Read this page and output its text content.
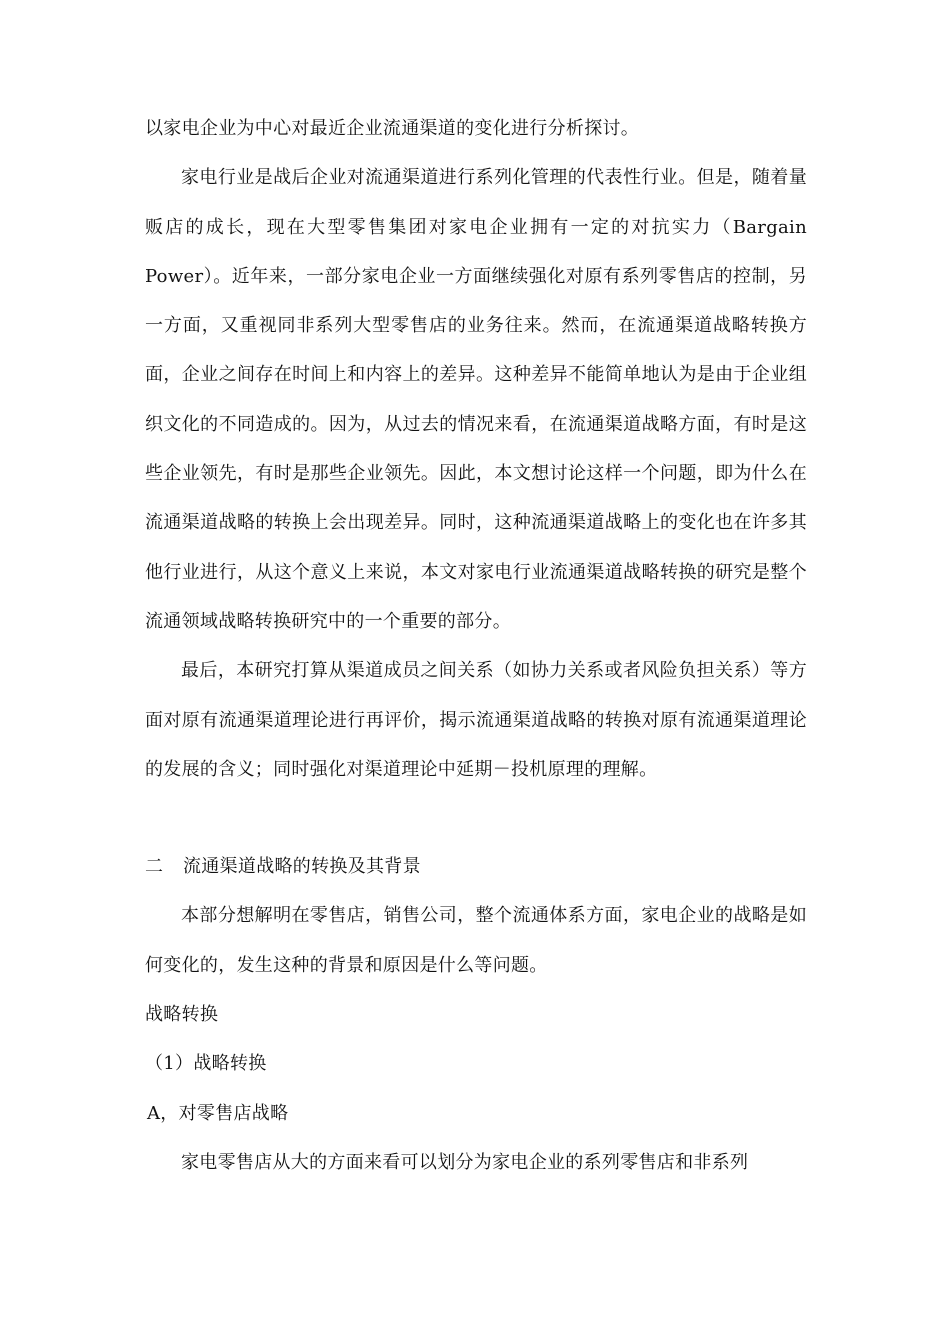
以家电企业为中心对最近企业流通渠道的变化进行分析探讨。

家电行业是战后企业对流通渠道进行系列化管理的代表性行业。但是，随着量贩店的成长，现在大型零售集团对家电企业拥有一定的对抗实力（Bargain Power）。近年来，一部分家电企业一方面继续强化对原有系列零售店的控制，另一方面，又重视同非系列大型零售店的业务往来。然而，在流通渠道战略转换方面，企业之间存在时间上和内容上的差异。这种差异不能简单地认为是由于企业组织文化的不同造成的。因为，从过去的情况来看，在流通渠道战略方面，有时是这些企业领先，有时是那些企业领先。因此，本文想讨论这样一个问题，即为什么在流通渠道战略的转换上会出现差异。同时，这种流通渠道战略上的变化也在许多其他行业进行，从这个意义上来说，本文对家电行业流通渠道战略转换的研究是整个流通领域战略转换研究中的一个重要的部分。

最后，本研究打算从渠道成员之间关系（如协力关系或者风险负担关系）等方面对原有流通渠道理论进行再评价，揭示流通渠道战略的转换对原有流通渠道理论的发展的含义；同时强化对渠道理论中延期－投机原理的理解。

二 流通渠道战略的转换及其背景

本部分想解明在零售店，销售公司，整个流通体系方面，家电企业的战略是如何变化的，发生这种的背景和原因是什么等问题。

战略转换

（1）战略转换

A，对零售店战略

家电零售店从大的方面来看可以划分为家电企业的系列零售店和非系列
